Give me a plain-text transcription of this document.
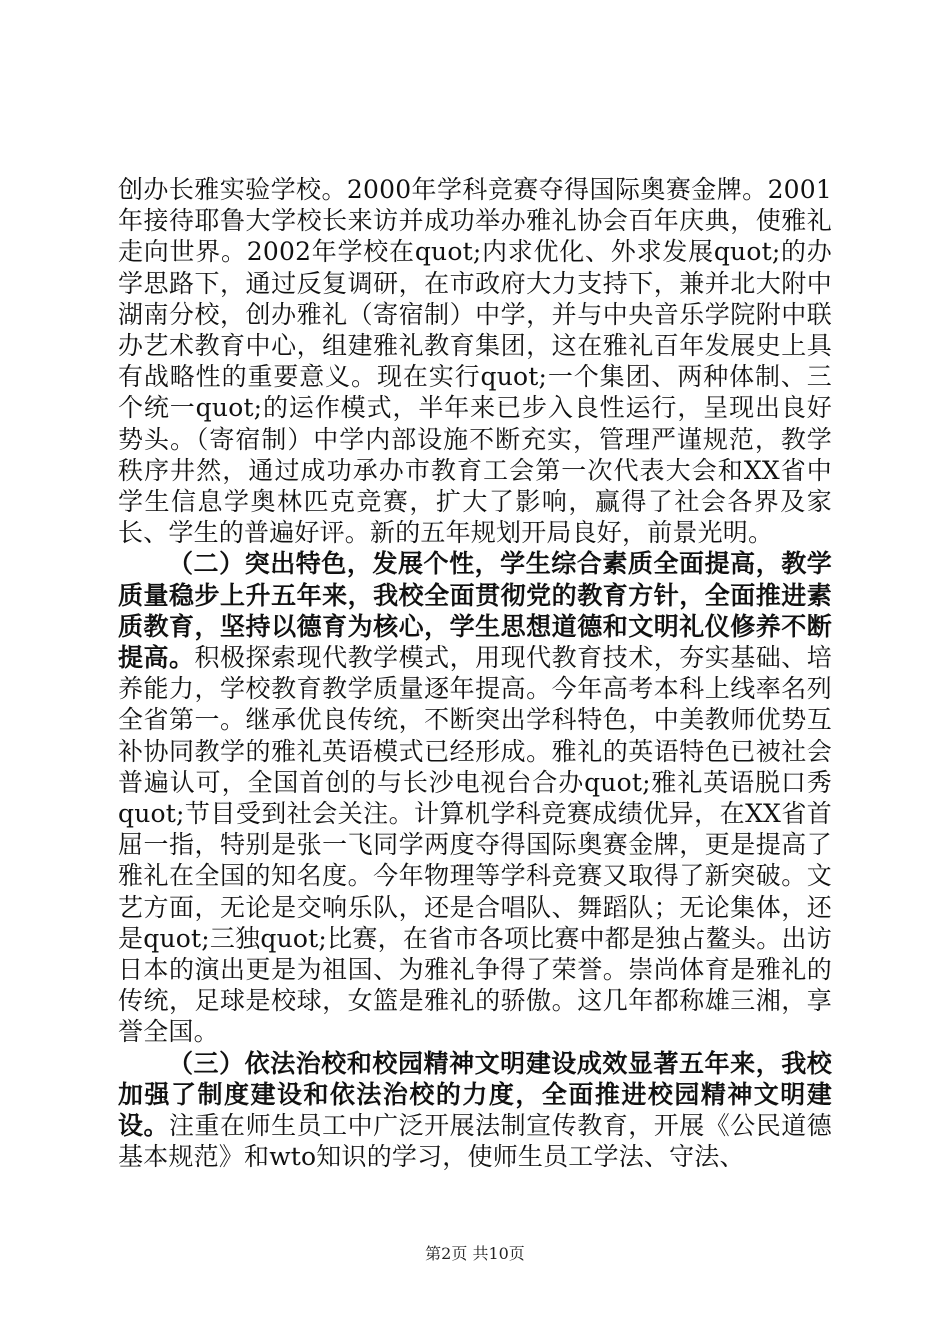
创办长雅实验学校。2000年学科竞赛夺得国际奥赛金牌。2001年接待耶鲁大学校长来访并成功举办雅礼协会百年庆典，使雅礼走向世界。2002年学校在quot;内求优化、外求发展quot;的办学思路下，通过反复调研，在市政府大力支持下，兼并北大附中湖南分校，创办雅礼（寄宿制）中学，并与中央音乐学院附中联办艺术教育中心，组建雅礼教育集团，这在雅礼百年发展史上具有战略性的重要意义。现在实行quot;一个集团、两种体制、三个统一quot;的运作模式，半年来已步入良性运行，呈现出良好势头。（寄宿制）中学内部设施不断充实，管理严谨规范，教学秩序井然，通过成功承办市教育工会第一次代表大会和XX省中学生信息学奥林匹克竞赛，扩大了影响，赢得了社会各界及家长、学生的普遍好评。新的五年规划开局良好，前景光明。

（二）突出特色，发展个性，学生综合素质全面提高，教学质量稳步上升五年来，我校全面贯彻党的教育方针，全面推进素质教育，坚持以德育为核心，学生思想道德和文明礼仪修养不断提高。积极探索现代教学模式，用现代教育技术，夯实基础、培养能力，学校教育教学质量逐年提高。今年高考本科上线率名列全省第一。继承优良传统，不断突出学科特色，中美教师优势互补协同教学的雅礼英语模式已经形成。雅礼的英语特色已被社会普遍认可，全国首创的与长沙电视台合办quot;雅礼英语脱口秀quot;节目受到社会关注。计算机学科竞赛成绩优异，在XX省首屈一指，特别是张一飞同学两度夺得国际奥赛金牌，更是提高了雅礼在全国的知名度。今年物理等学科竞赛又取得了新突破。文艺方面，无论是交响乐队，还是合唱队、舞蹈队；无论集体，还是quot;三独quot;比赛，在省市各项比赛中都是独占鳌头。出访日本的演出更是为祖国、为雅礼争得了荣誉。崇尚体育是雅礼的传统，足球是校球，女篮是雅礼的骄傲。这几年都称雄三湘，享誉全国。

（三）依法治校和校园精神文明建设成效显著五年来，我校加强了制度建设和依法治校的力度，全面推进校园精神文明建设。注重在师生员工中广泛开展法制宣传教育，开展《公民道德基本规范》和wto知识的学习，使师生员工学法、守法、

第2页 共10页
